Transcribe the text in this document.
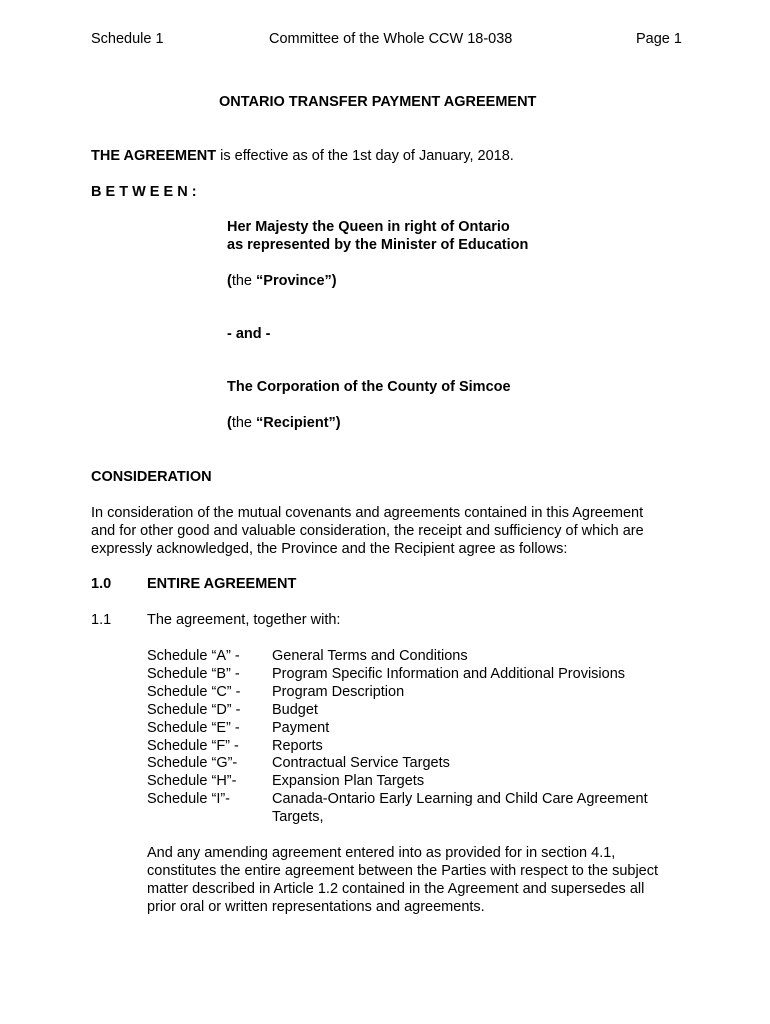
Schedule 1	Committee of the Whole CCW 18-038	Page 1
ONTARIO TRANSFER PAYMENT AGREEMENT
THE AGREEMENT is effective as of the 1st day of January, 2018.
B E T W E E N :
Her Majesty the Queen in right of Ontario
as represented by the Minister of Education
(the “Province”)
- and -
The Corporation of the County of Simcoe
(the “Recipient”)
CONSIDERATION
In consideration of the mutual covenants and agreements contained in this Agreement
and for other good and valuable consideration, the receipt and sufficiency of which are
expressly acknowledged, the Province and the Recipient agree as follows:
1.0 ENTIRE AGREEMENT
1.1 The agreement, together with:
Schedule “A” - General Terms and Conditions
Schedule “B” - Program Specific Information and Additional Provisions
Schedule “C” - Program Description
Schedule “D” - Budget
Schedule “E” - Payment
Schedule “F” - Reports
Schedule “G”- Contractual Service Targets
Schedule “H”- Expansion Plan Targets
Schedule “I”-	Canada-Ontario Early Learning and Child Care Agreement
Targets,
And any amending agreement entered into as provided for in section 4.1,
constitutes the entire agreement between the Parties with respect to the subject
matter described in Article 1.2 contained in the Agreement and supersedes all
prior oral or written representations and agreements.
